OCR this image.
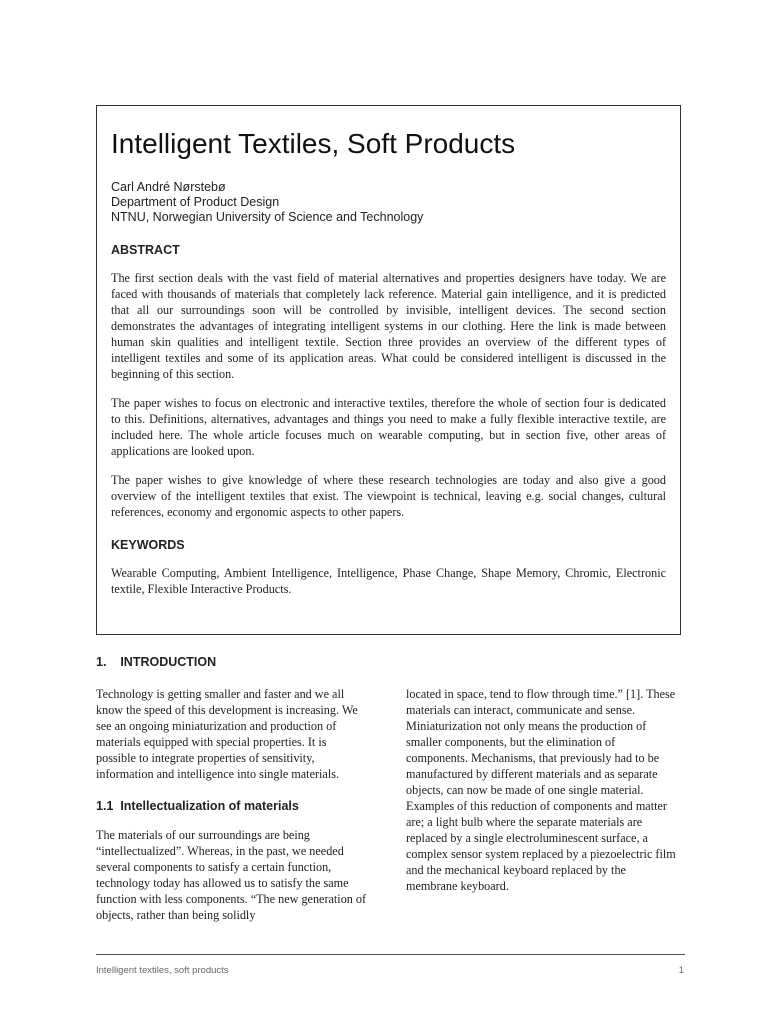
Intelligent Textiles, Soft Products
Carl André Nørstebø
Department of Product Design
NTNU, Norwegian University of Science and Technology
ABSTRACT

The first section deals with the vast field of material alternatives and properties designers have today. We are faced with thousands of materials that completely lack reference. Material gain intelligence, and it is predicted that all our surroundings soon will be controlled by invisible, intelligent devices. The second section demonstrates the advantages of integrating intelligent systems in our clothing. Here the link is made between human skin qualities and intelligent textile. Section three provides an overview of the different types of intelligent textiles and some of its application areas. What could be considered intelligent is discussed in the beginning of this section.

The paper wishes to focus on electronic and interactive textiles, therefore the whole of section four is dedicated to this. Definitions, alternatives, advantages and things you need to make a fully flexible interactive textile, are included here. The whole article focuses much on wearable computing, but in section five, other areas of applications are looked upon.

The paper wishes to give knowledge of where these research technologies are today and also give a good overview of the intelligent textiles that exist. The viewpoint is technical, leaving e.g. social changes, cultural references, economy and ergonomic aspects to other papers.

KEYWORDS

Wearable Computing, Ambient Intelligence, Intelligence, Phase Change, Shape Memory, Chromic, Electronic textile, Flexible Interactive Products.

1.    INTRODUCTION

Technology is getting smaller and faster and we all know the speed of this development is increasing. We see an ongoing miniaturization and production of materials equipped with special properties. It is possible to integrate properties of sensitivity, information and intelligence into single materials.

1.1  Intellectualization of materials

The materials of our surroundings are being “intellectualized”. Whereas, in the past, we needed several components to satisfy a certain function, technology today has allowed us to satisfy the same function with less components. “The new generation of objects, rather than being solidly

located in space, tend to flow through time.” [1]. These materials can interact, communicate and sense. Miniaturization not only means the production of smaller components, but the elimination of components. Mechanisms, that previously had to be manufactured by different materials and as separate objects, can now be made of one single material. Examples of this reduction of components and matter are; a light bulb where the separate materials are replaced by a single electroluminescent surface, a complex sensor system replaced by a piezoelectric film and the mechanical keyboard replaced by the membrane keyboard.

Intelligent textiles, soft products	1
